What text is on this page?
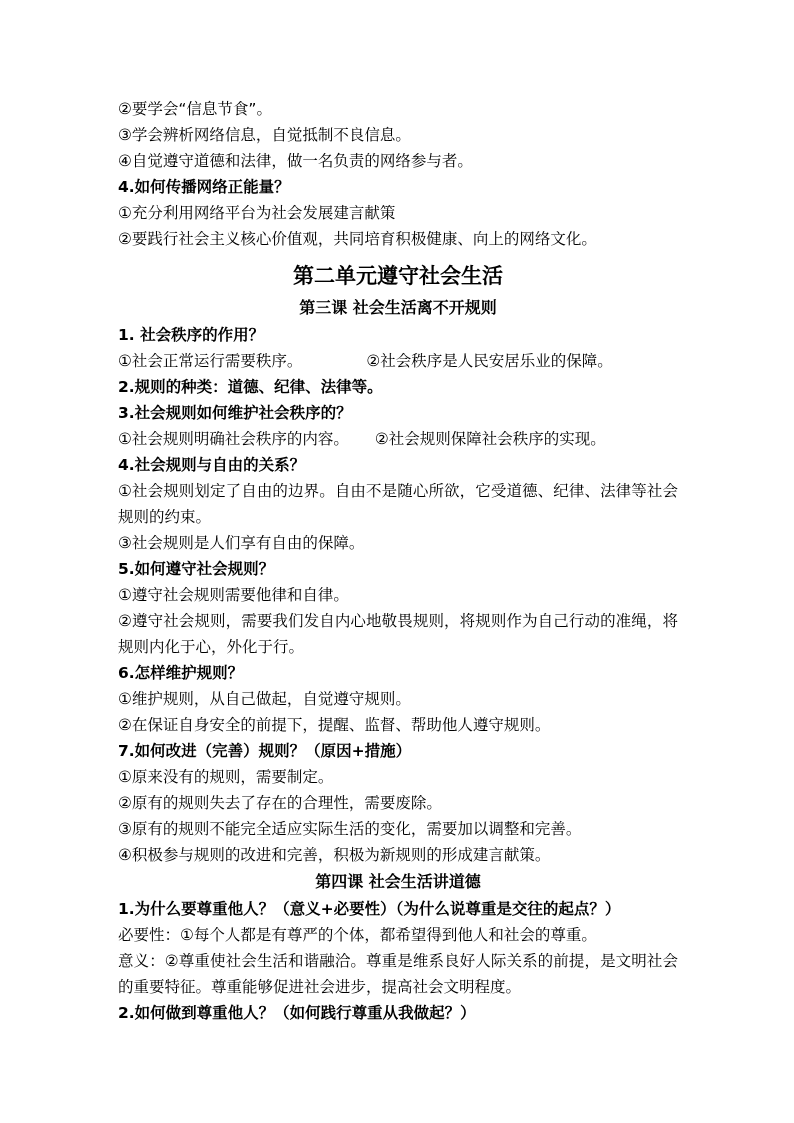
②要学会“信息节食”。
③学会辨析网络信息，自觉抵制不良信息。
④自觉遵守道德和法律，做一名负责的网络参与者。
4.如何传播网络正能量？
①充分利用网络平台为社会发展建言献策
②要践行社会主义核心价值观，共同培育积极健康、向上的网络文化。
第二单元遵守社会生活
第三课 社会生活离不开规则
1. 社会秩序的作用？
①社会正常运行需要秩序。	②社会秩序是人民安居乐业的保障。
2.规则的种类：道德、纪律、法律等。
3.社会规则如何维护社会秩序的？
①社会规则明确社会秩序的内容。 ②社会规则保障社会秩序的实现。
4.社会规则与自由的关系？
①社会规则划定了自由的边界。自由不是随心所欲，它受道德、纪律、法律等社会规则的约束。
③社会规则是人们享有自由的保障。
5.如何遵守社会规则？
①遵守社会规则需要他律和自律。
②遵守社会规则，需要我们发自内心地敬畏规则，将规则作为自己行动的准绳，将规则内化于心，外化于行。
6.怎样维护规则？
①维护规则，从自己做起，自觉遵守规则。
②在保证自身安全的前提下，提醒、监督、帮助他人遵守规则。
7.如何改进（完善）规则？（原因+措施）
①原来没有的规则，需要制定。
②原有的规则失去了存在的合理性，需要废除。
③原有的规则不能完全适应实际生活的变化，需要加以调整和完善。
④积极参与规则的改进和完善，积极为新规则的形成建言献策。
第四课 社会生活讲道德
1.为什么要尊重他人？（意义+必要性）（为什么说尊重是交往的起点？）
必要性：①每个人都是有尊严的个体，都希望得到他人和社会的尊重。
意义：②尊重使社会生活和谐融洽。尊重是维系良好人际关系的前提，是文明社会的重要特征。尊重能够促进社会进步，提高社会文明程度。
2.如何做到尊重他人？（如何践行尊重从我做起？）
